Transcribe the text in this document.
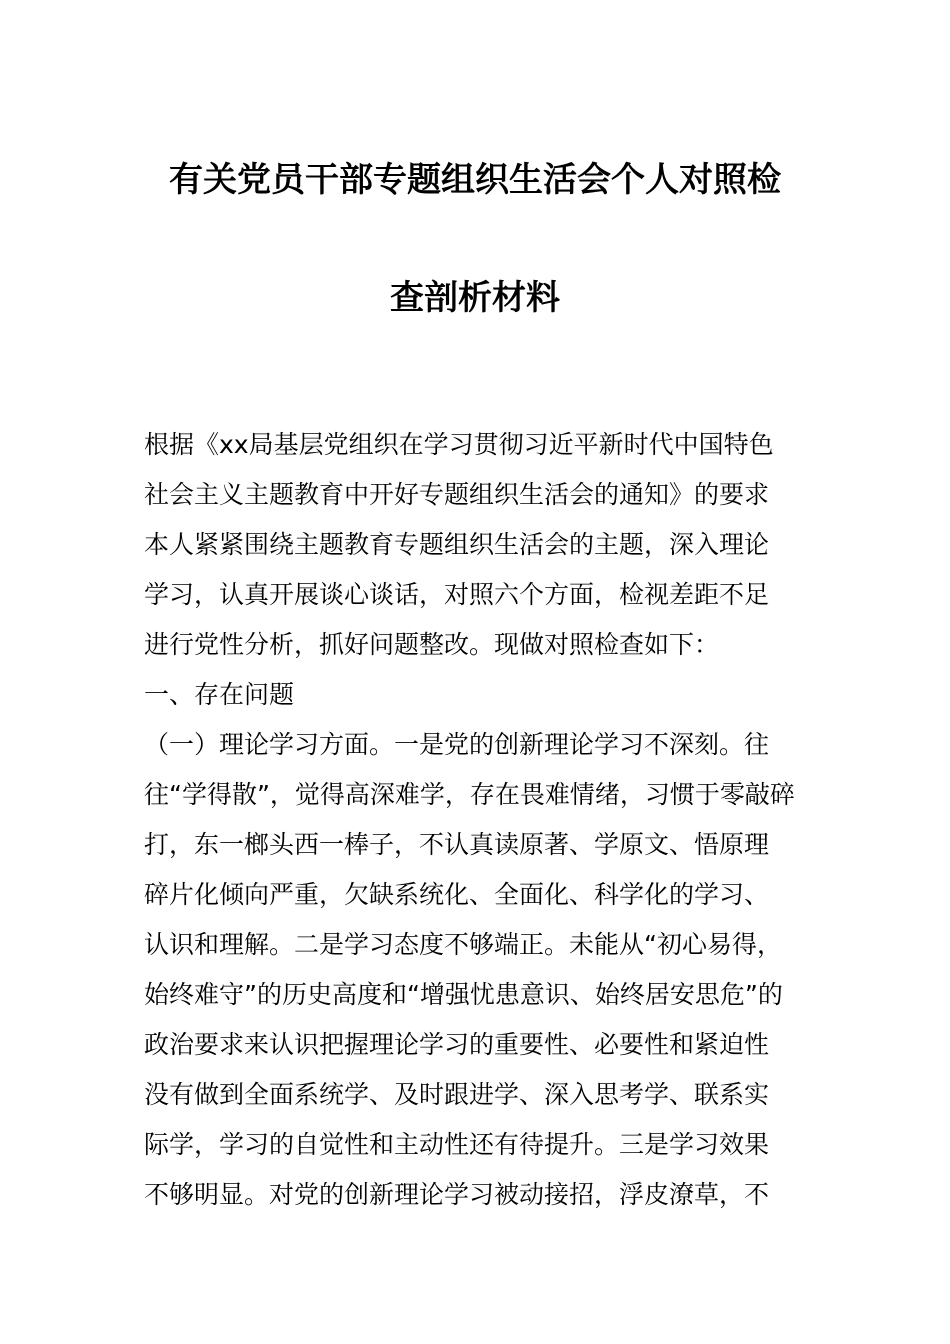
有关党员干部专题组织生活会个人对照检
查剖析材料
根据《xx局基层党组织在学习贯彻习近平新时代中国特色
社会主义主题教育中开好专题组织生活会的通知》的要求
本人紧紧围绕主题教育专题组织生活会的主题，深入理论
学习，认真开展谈心谈话，对照六个方面，检视差距不足
进行党性分析，抓好问题整改。现做对照检查如下：
一、存在问题
（一）理论学习方面。一是党的创新理论学习不深刻。往
往“学得散”，觉得高深难学，存在畏难情绪，习惯于零敲碎
打，东一榔头西一棒子，不认真读原著、学原文、悟原理
碎片化倾向严重，欠缺系统化、全面化、科学化的学习、
认识和理解。二是学习态度不够端正。未能从“初心易得，
始终难守”的历史高度和“增强忧患意识、始终居安思危”的
政治要求来认识把握理论学习的重要性、必要性和紧迫性
没有做到全面系统学、及时跟进学、深入思考学、联系实
际学，学习的自觉性和主动性还有待提升。三是学习效果
不够明显。对党的创新理论学习被动接招，浮皮潦草，不
